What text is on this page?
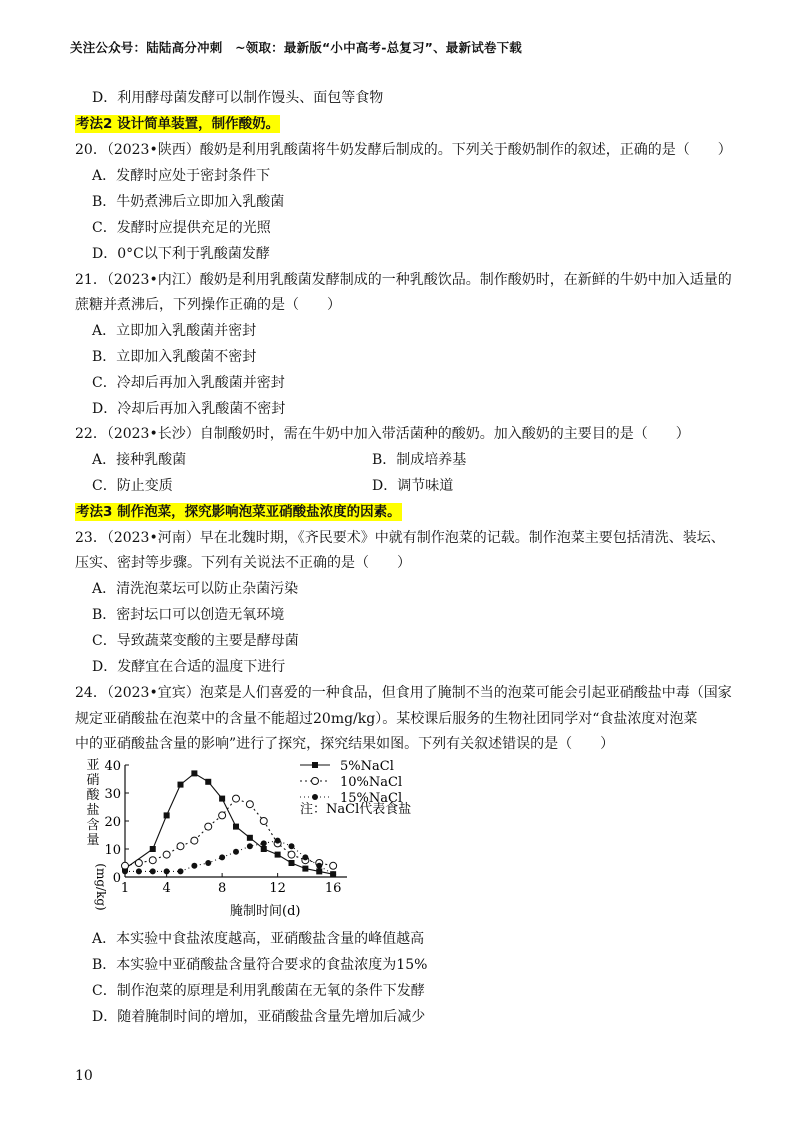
关注公众号：陆陆高分冲刺　~领取：最新版“小中高考-总复习”、最新试卷下载
D．利用酵母菌发酵可以制作馒头、面包等食物
考法2 设计简单装置，制作酸奶。
20．（2023•陕西）酸奶是利用乳酸菌将牛奶发酵后制成的。下列关于酸奶制作的叙述，正确的是（　　）
A．发酵时应处于密封条件下
B．牛奶煮沸后立即加入乳酸菌
C．发酵时应提供充足的光照
D．0°C以下利于乳酸菌发酵
21．（2023•内江）酸奶是利用乳酸菌发酵制成的一种乳酸饮品。制作酸奶时，在新鲜的牛奶中加入适量的
蔗糖并煮沸后，下列操作正确的是（　　）
A．立即加入乳酸菌并密封
B．立即加入乳酸菌不密封
C．冷却后再加入乳酸菌并密封
D．冷却后再加入乳酸菌不密封
22．（2023•长沙）自制酸奶时，需在牛奶中加入带活菌种的酸奶。加入酸奶的主要目的是（　　）
A．接种乳酸菌	B．制成培养基
C．防止变质	D．调节味道
考法3 制作泡菜，探究影响泡菜亚硝酸盐浓度的因素。
23．（2023•河南）早在北魏时期，《齐民要术》中就有制作泡菜的记载。制作泡菜主要包括清洗、装坛、
压实、密封等步骤。下列有关说法不正确的是（　　）
A．清洗泡菜坛可以防止杂菌污染
B．密封坛口可以创造无氧环境
C．导致蔬菜变酸的主要是酵母菌
D．发酵宜在合适的温度下进行
24．（2023•宜宾）泡菜是人们喜爱的一种食品，但食用了腌制不当的泡菜可能会引起亚硝酸盐中毒（国家
规定亚硝酸盐在泡菜中的含量不能超过20mg/kg）。某校课后服务的生物社团同学对“食盐浓度对泡菜
中的亚硝酸盐含量的影响”进行了探究，探究结果如图。下列有关叙述错误的是（　　）
亚
硝
酸
盐
含
量
(mg/kg) 1	4	8	12	16
0
10
20
30
40	5%NaCl
10%NaCl
15%NaCl
注：NaCl代表食盐
腌制时间(d)
A．本实验中食盐浓度越高，亚硝酸盐含量的峰值越高
B．本实验中亚硝酸盐含量符合要求的食盐浓度为15%
C．制作泡菜的原理是利用乳酸菌在无氧的条件下发酵
D．随着腌制时间的增加，亚硝酸盐含量先增加后减少
10
